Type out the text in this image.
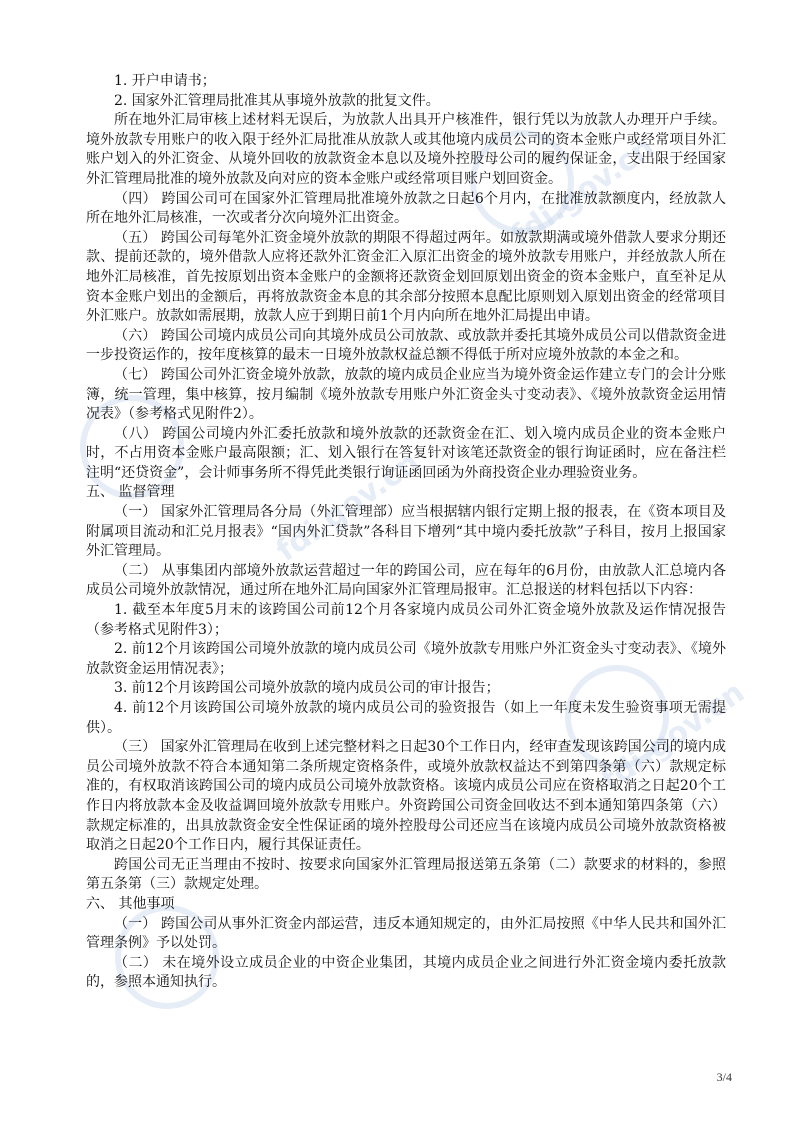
fdi.gov.cn
fdi.gov.cn
fdi.gov.cn

1. 开户申请书；

2. 国家外汇管理局批准其从事境外放款的批复文件。

所在地外汇局审核上述材料无误后，为放款人出具开户核准件，银行凭以为放款人办理开户手续。境外放款专用账户的收入限于经外汇局批准从放款人或其他境内成员公司的资本金账户或经常项目外汇账户划入的外汇资金、从境外回收的放款资金本息以及境外控股母公司的履约保证金，支出限于经国家外汇管理局批准的境外放款及向对应的资本金账户或经常项目账户划回资金。

（四） 跨国公司可在国家外汇管理局批准境外放款之日起6个月内，在批准放款额度内，经放款人所在地外汇局核准，一次或者分次向境外汇出资金。

（五） 跨国公司每笔外汇资金境外放款的期限不得超过两年。如放款期满或境外借款人要求分期还款、提前还款的，境外借款人应将还款外汇资金汇入原汇出资金的境外放款专用账户，并经放款人所在地外汇局核准，首先按原划出资本金账户的金额将还款资金划回原划出资金的资本金账户，直至补足从资本金账户划出的金额后，再将放款资金本息的其余部分按照本息配比原则划入原划出资金的经常项目外汇账户。放款如需展期，放款人应于到期日前1个月内向所在地外汇局提出申请。

（六） 跨国公司境内成员公司向其境外成员公司放款、或放款并委托其境外成员公司以借款资金进一步投资运作的，按年度核算的最末一日境外放款权益总额不得低于所对应境外放款的本金之和。

（七） 跨国公司外汇资金境外放款，放款的境内成员企业应当为境外资金运作建立专门的会计分账簿，统一管理，集中核算，按月编制《境外放款专用账户外汇资金头寸变动表》、《境外放款资金运用情况表》（参考格式见附件2）。

（八） 跨国公司境内外汇委托放款和境外放款的还款资金在汇、划入境内成员企业的资本金账户时，不占用资本金账户最高限额；汇、划入银行在答复针对该笔还款资金的银行询证函时，应在备注栏注明“还贷资金”，会计师事务所不得凭此类银行询证函回函为外商投资企业办理验资业务。

五、 监督管理

（一） 国家外汇管理局各分局（外汇管理部）应当根据辖内银行定期上报的报表，在《资本项目及附属项目流动和汇兑月报表》“国内外汇贷款”各科目下增列“其中境内委托放款”子科目，按月上报国家外汇管理局。

（二） 从事集团内部境外放款运营超过一年的跨国公司，应在每年的6月份，由放款人汇总境内各成员公司境外放款情况，通过所在地外汇局向国家外汇管理局报审。汇总报送的材料包括以下内容：

1. 截至本年度5月末的该跨国公司前12个月各家境内成员公司外汇资金境外放款及运作情况报告（参考格式见附件3）；

2. 前12个月该跨国公司境外放款的境内成员公司《境外放款专用账户外汇资金头寸变动表》、《境外放款资金运用情况表》；

3. 前12个月该跨国公司境外放款的境内成员公司的审计报告；

4. 前12个月该跨国公司境外放款的境内成员公司的验资报告（如上一年度未发生验资事项无需提供）。

（三） 国家外汇管理局在收到上述完整材料之日起30个工作日内，经审查发现该跨国公司的境内成员公司境外放款不符合本通知第二条所规定资格条件，或境外放款权益达不到第四条第（六）款规定标准的，有权取消该跨国公司的境内成员公司境外放款资格。该境内成员公司应在资格取消之日起20个工作日内将放款本金及收益调回境外放款专用账户。外资跨国公司资金回收达不到本通知第四条第（六）款规定标准的，出具放款资金安全性保证函的境外控股母公司还应当在该境内成员公司境外放款资格被取消之日起20个工作日内，履行其保证责任。

跨国公司无正当理由不按时、按要求向国家外汇管理局报送第五条第（二）款要求的材料的，参照第五条第（三）款规定处理。

六、 其他事项

（一） 跨国公司从事外汇资金内部运营，违反本通知规定的，由外汇局按照《中华人民共和国外汇管理条例》予以处罚。

（二） 未在境外设立成员企业的中资企业集团，其境内成员企业之间进行外汇资金境内委托放款的，参照本通知执行。

3/4
